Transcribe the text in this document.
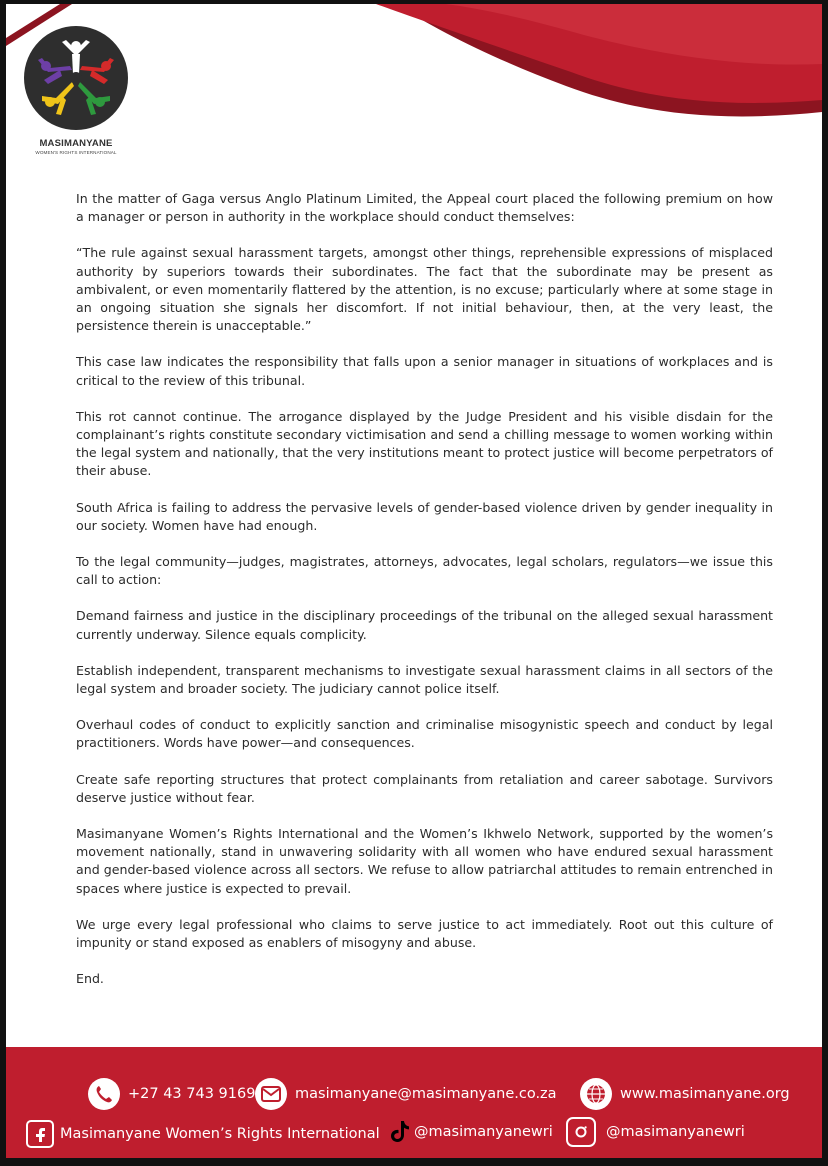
MASIMANYANE
WOMEN'S RIGHTS INTERNATIONAL

In the matter of Gaga versus Anglo Platinum Limited, the Appeal court placed the following premium on how a manager or person in authority in the workplace should conduct themselves:

“The rule against sexual harassment targets, amongst other things, reprehensible expressions of misplaced authority by superiors towards their subordinates. The fact that the subordinate may be present as ambivalent, or even momentarily flattered by the attention, is no excuse; particularly where at some stage in an ongoing situation she signals her discomfort. If not initial behaviour, then, at the very least, the persistence therein is unacceptable.”

This case law indicates the responsibility that falls upon a senior manager in situations of workplaces and is critical to the review of this tribunal.

This rot cannot continue. The arrogance displayed by the Judge President and his visible disdain for the complainant’s rights constitute secondary victimisation and send a chilling message to women working within the legal system and nationally, that the very institutions meant to protect justice will become perpetrators of their abuse.

South Africa is failing to address the pervasive levels of gender-based violence driven by gender inequality in our society. Women have had enough.

To the legal community—judges, magistrates, attorneys, advocates, legal scholars, regulators—we issue this call to action:

Demand fairness and justice in the disciplinary proceedings of the tribunal on the alleged sexual harassment currently underway. Silence equals complicity.

Establish independent, transparent mechanisms to investigate sexual harassment claims in all sectors of the legal system and broader society. The judiciary cannot police itself.

Overhaul codes of conduct to explicitly sanction and criminalise misogynistic speech and conduct by legal practitioners. Words have power—and consequences.

Create safe reporting structures that protect complainants from retaliation and career sabotage. Survivors deserve justice without fear.

Masimanyane Women’s Rights International and the Women’s Ikhwelo Network, supported by the women’s movement nationally, stand in unwavering solidarity with all women who have endured sexual harassment and gender-based violence across all sectors. We refuse to allow patriarchal attitudes to remain entrenched in spaces where justice is expected to prevail.

We urge every legal professional who claims to serve justice to act immediately. Root out this culture of impunity or stand exposed as enablers of misogyny and abuse.

End.

+27 43 743 9169	masimanyane@masimanyane.co.za	www.masimanyane.org
Masimanyane Women’s Rights International @masimanyanewri	@masimanyanewri
